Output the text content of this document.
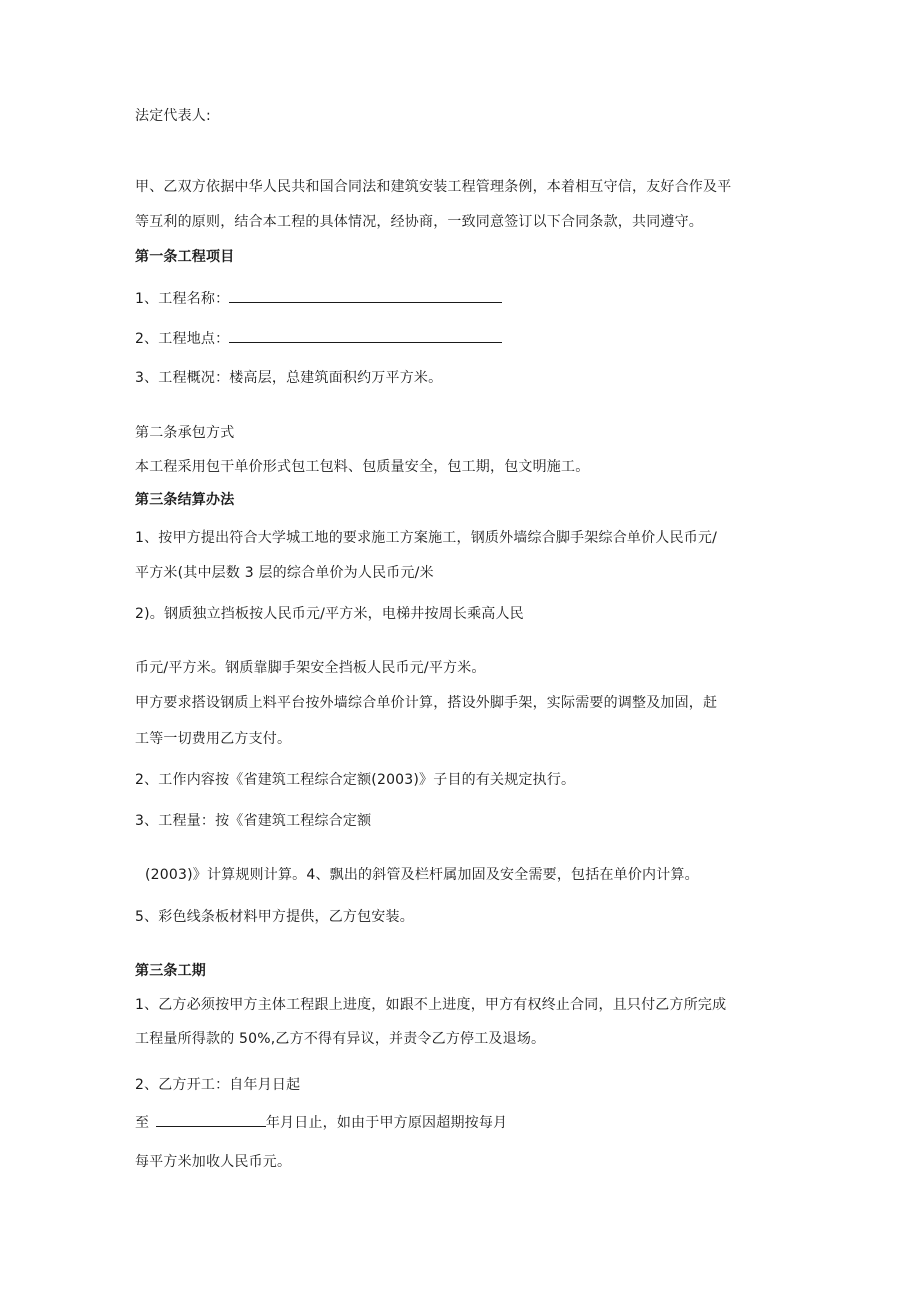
法定代表人:
甲、乙双方依据中华人民共和国合同法和建筑安装工程管理条例，本着相互守信，友好合作及平
等互利的原则，结合本工程的具体情况，经协商，一致同意签订以下合同条款，共同遵守。
第一条工程项目
1、工程名称：
2、工程地点：
3、工程概况：楼高层，总建筑面积约万平方米。
第二条承包方式
本工程采用包干单价形式包工包料、包质量安全，包工期，包文明施工。
第三条结算办法
1、按甲方提出符合大学城工地的要求施工方案施工，钢质外墙综合脚手架综合单价人民币元/
平方米(其中层数 3 层的综合单价为人民币元/米
2)。钢质独立挡板按人民币元/平方米，电梯井按周长乘高人民
币元/平方米。钢质靠脚手架安全挡板人民币元/平方米。
甲方要求搭设钢质上料平台按外墙综合单价计算，搭设外脚手架，实际需要的调整及加固，赶
工等一切费用乙方支付。
2、工作内容按《省建筑工程综合定额(2003)》子目的有关规定执行。
3、工程量：按《省建筑工程综合定额
(2003)》计算规则计算。4、飘出的斜管及栏杆属加固及安全需要，包括在单价内计算。
5、彩色线条板材料甲方提供，乙方包安装。
第三条工期
1、乙方必须按甲方主体工程跟上进度，如跟不上进度，甲方有权终止合同，且只付乙方所完成
工程量所得款的 50%,乙方不得有异议，并责令乙方停工及退场。
2、乙方开工：自年月日起
至	年月日止，如由于甲方原因超期按每月
每平方米加收人民币元。
